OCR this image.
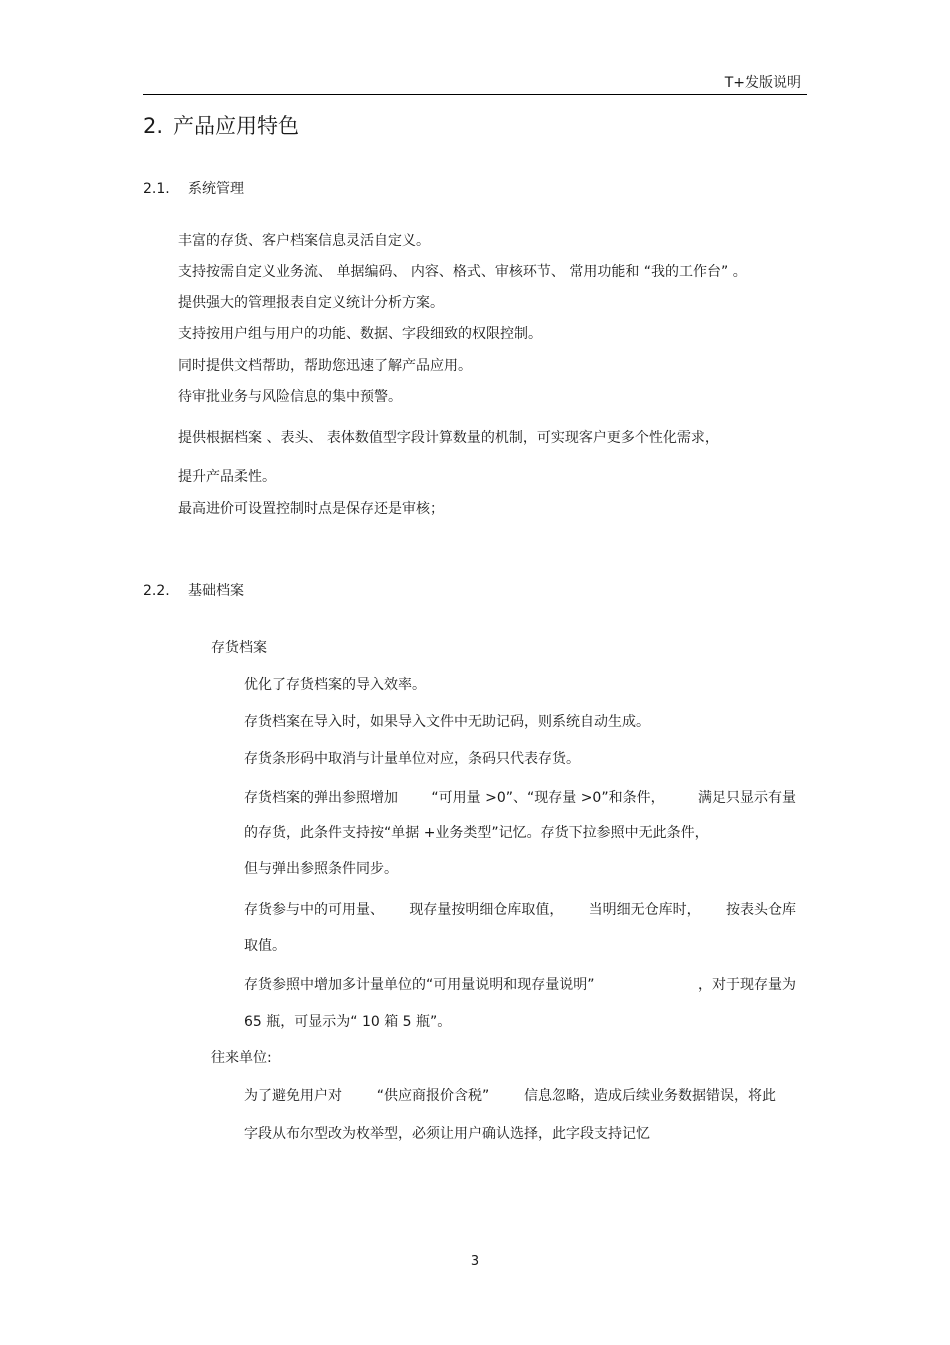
T+发版说明
2. 产品应用特色
2.1. 系统管理
丰富的存货、客户档案信息灵活自定义。
支持按需自定义业务流、 单据编码、 内容、格式、审核环节、 常用功能和 “我的工作台” 。
提供强大的管理报表自定义统计分析方案。
支持按用户组与用户的功能、数据、字段细致的权限控制。
同时提供文档帮助，帮助您迅速了解产品应用。
待审批业务与风险信息的集中预警。
提供根据档案 、表头、 表体数值型字段计算数量的机制，可实现客户更多个性化需求，
提升产品柔性。
最高进价可设置控制时点是保存还是审核；
2.2. 基础档案
存货档案
优化了存货档案的导入效率。
存货档案在导入时，如果导入文件中无助记码，则系统自动生成。
存货条形码中取消与计量单位对应，条码只代表存货。
存货档案的弹出参照增加 “可用量 >0”、“现存量 >0”和条件， 满足只显示有量
的存货，此条件支持按“单据 +业务类型”记忆。存货下拉参照中无此条件，
但与弹出参照条件同步。
存货参与中的可用量、 现存量按明细仓库取值， 当明细无仓库时， 按表头仓库
取值。
存货参照中增加多计量单位的“可用量说明和现存量说明”	，对于现存量为
65 瓶，可显示为“ 10 箱 5 瓶”。
往来单位:
为了避免用户对 “供应商报价含税” 信息忽略，造成后续业务数据错误，将此
字段从布尔型改为枚举型，必须让用户确认选择，此字段支持记忆
3
